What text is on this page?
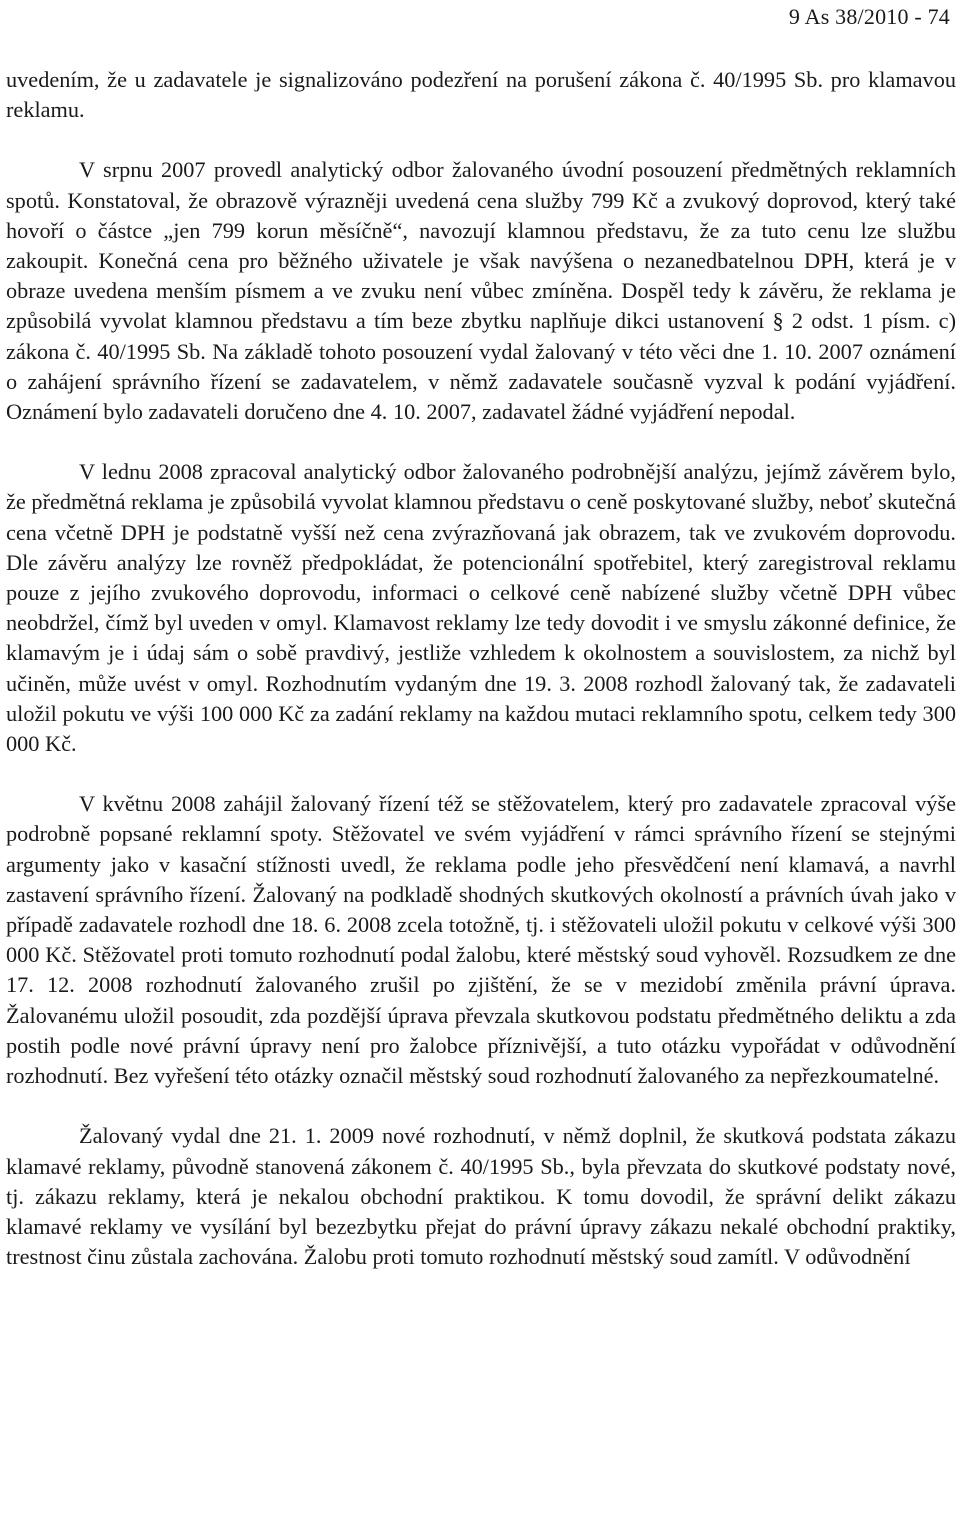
9 As 38/2010 - 74

uvedením, že u zadavatele je signalizováno podezření na porušení zákona č. 40/1995 Sb. pro klamavou reklamu.

V srpnu 2007 provedl analytický odbor žalovaného úvodní posouzení předmětných reklamních spotů. Konstatoval, že obrazově výrazněji uvedená cena služby 799 Kč a zvukový doprovod, který také hovoří o částce „jen 799 korun měsíčně“, navozují klamnou představu, že za tuto cenu lze službu zakoupit. Konečná cena pro běžného uživatele je však navýšena o nezanedbatelnou DPH, která je v obraze uvedena menším písmem a ve zvuku není vůbec zmíněna. Dospěl tedy k závěru, že reklama je způsobilá vyvolat klamnou představu a tím beze zbytku naplňuje dikci ustanovení § 2 odst. 1 písm. c) zákona č. 40/1995 Sb. Na základě tohoto posouzení vydal žalovaný v této věci dne 1. 10. 2007 oznámení o zahájení správního řízení se zadavatelem, v němž zadavatele současně vyzval k podání vyjádření. Oznámení bylo zadavateli doručeno dne 4. 10. 2007, zadavatel žádné vyjádření nepodal.

V lednu 2008 zpracoval analytický odbor žalovaného podrobnější analýzu, jejímž závěrem bylo, že předmětná reklama je způsobilá vyvolat klamnou představu o ceně poskytované služby, neboť skutečná cena včetně DPH je podstatně vyšší než cena zvýrazňovaná jak obrazem, tak ve zvukovém doprovodu. Dle závěru analýzy lze rovněž předpokládat, že potencionální spotřebitel, který zaregistroval reklamu pouze z jejího zvukového doprovodu, informaci o celkové ceně nabízené služby včetně DPH vůbec neobdržel, čímž byl uveden v omyl. Klamavost reklamy lze tedy dovodit i ve smyslu zákonné definice, že klamavým je i údaj sám o sobě pravdivý, jestliže vzhledem k okolnostem a souvislostem, za nichž byl učiněn, může uvést v omyl. Rozhodnutím vydaným dne 19. 3. 2008 rozhodl žalovaný tak, že zadavateli uložil pokutu ve výši 100 000 Kč za zadání reklamy na každou mutaci reklamního spotu, celkem tedy 300 000 Kč.

V květnu 2008 zahájil žalovaný řízení též se stěžovatelem, který pro zadavatele zpracoval výše podrobně popsané reklamní spoty. Stěžovatel ve svém vyjádření v rámci správního řízení se stejnými argumenty jako v kasační stížnosti uvedl, že reklama podle jeho přesvědčení není klamavá, a navrhl zastavení správního řízení. Žalovaný na podkladě shodných skutkových okolností a právních úvah jako v případě zadavatele rozhodl dne 18. 6. 2008 zcela totožně, tj. i stěžovateli uložil pokutu v celkové výši 300 000 Kč. Stěžovatel proti tomuto rozhodnutí podal žalobu, které městský soud vyhověl. Rozsudkem ze dne 17. 12. 2008 rozhodnutí žalovaného zrušil po zjištění, že se v mezidobí změnila právní úprava. Žalovanému uložil posoudit, zda pozdější úprava převzala skutkovou podstatu předmětného deliktu a zda postih podle nové právní úpravy není pro žalobce příznivější, a tuto otázku vypořádat v odůvodnění rozhodnutí. Bez vyřešení této otázky označil městský soud rozhodnutí žalovaného za nepřezkoumatelné.

Žalovaný vydal dne 21. 1. 2009 nové rozhodnutí, v němž doplnil, že skutková podstata zákazu klamavé reklamy, původně stanovená zákonem č. 40/1995 Sb., byla převzata do skutkové podstaty nové, tj. zákazu reklamy, která je nekalou obchodní praktikou. K tomu dovodil, že správní delikt zákazu klamavé reklamy ve vysílání byl bezezbytku přejat do právní úpravy zákazu nekalé obchodní praktiky, trestnost činu zůstala zachována. Žalobu proti tomuto rozhodnutí městský soud zamítl. V odůvodnění
